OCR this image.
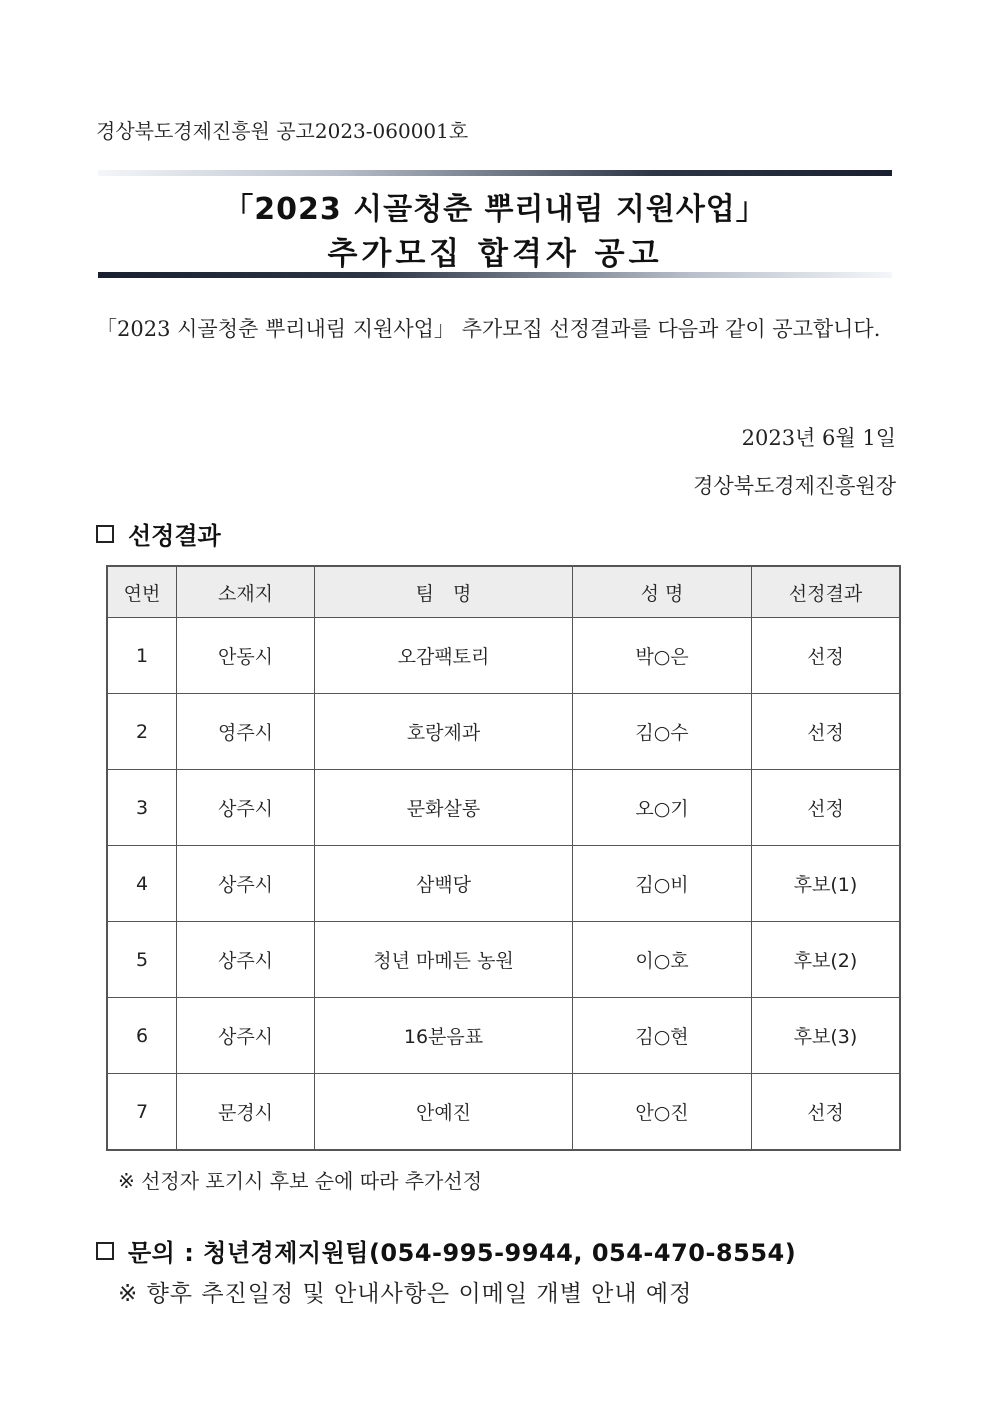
경상북도경제진흥원 공고2023-060001호
「2023 시골청춘 뿌리내림 지원사업」
추가모집 합격자 공고
「2023 시골청춘 뿌리내림 지원사업」 추가모집 선정결과를 다음과 같이 공고합니다.
2023년 6월 1일
경상북도경제진흥원장
선정결과
연번	소재지	팀　명	성 명	선정결과
1	안동시	오감팩토리	박○은	선정
2	영주시	호랑제과	김○수	선정
3	상주시	문화살롱	오○기	선정
4	상주시	삼백당	김○비	후보(1)
5	상주시	청년 마메든 농원	이○호	후보(2)
6	상주시	16분음표	김○현	후보(3)
7	문경시	안예진	안○진	선정
※ 선정자 포기시 후보 순에 따라 추가선정
문의 : 청년경제지원팀(054-995-9944, 054-470-8554)
※ 향후 추진일정 및 안내사항은 이메일 개별 안내 예정
